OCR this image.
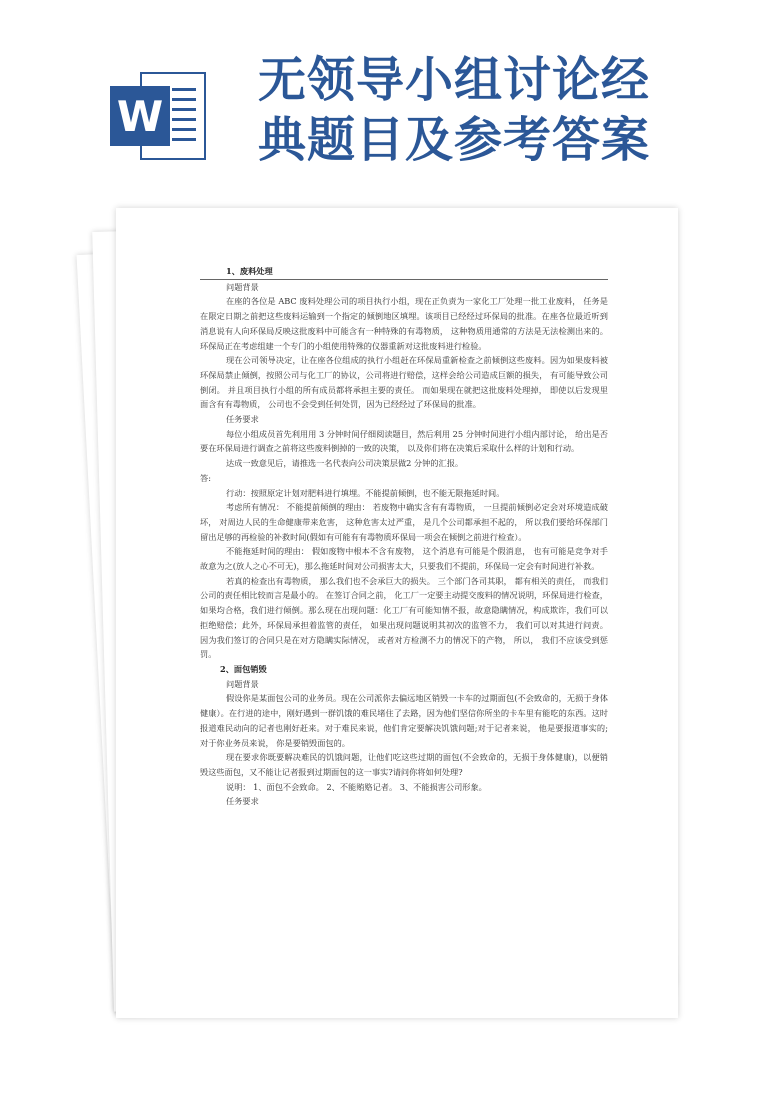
W
无领导小组讨论经
典题目及参考答案

1、废料处理

问题背景

在座的各位是 ABC 废料处理公司的项目执行小组，现在正负责为一家化工厂处理一批工业废料， 任务是在限定日期之前把这些废料运输到一个指定的倾倒地区填埋。该项目已经经过环保局的批准。在座各位最近听到消息说有人向环保局反映这批废料中可能含有一种特殊的有毒物质， 这种物质用通常的方法是无法检测出来的。环保局正在考虑组建一个专门的小组使用特殊的仪器重新对这批废料进行检验。

现在公司领导决定，让在座各位组成的执行小组赶在环保局重新检查之前倾倒这些废料。因为如果废料被环保局禁止倾倒，按照公司与化工厂的协议，公司将进行赔偿，这样会给公司造成巨额的损失， 有可能导致公司倒闭。 并且项目执行小组的所有成员都将承担主要的责任。 而如果现在就把这批废料处理掉， 即使以后发现里面含有有毒物质， 公司也不会受到任何处罚，因为已经经过了环保局的批准。

任务要求

每位小组成员首先利用用 3 分钟时间仔细阅读题目，然后利用 25 分钟时间进行小组内部讨论， 给出是否要在环保局进行调查之前将这些废料倒掉的一致的决策， 以及你们将在决策后采取什么样的计划和行动。

达成一致意见后，请推选一名代表向公司决策层做2 分钟的汇报。

答:

行动：按照原定计划对肥料进行填埋。不能提前倾倒，也不能无限拖延时间。

考虑所有情况： 不能提前倾倒的理由： 若废物中确实含有有毒物质， 一旦提前倾倒必定会对环境造成破坏， 对周边人民的生命健康带来危害， 这种危害太过严重， 是几个公司都承担不起的， 所以我们要给环保部门留出足够的再检验的补救时间(假如有可能有有毒物质环保局一项会在倾倒之前进行检查）。

不能拖延时间的理由： 假如废物中根本不含有废物， 这个消息有可能是个假消息， 也有可能是竞争对手故意为之(放人之心不可无)，那么拖延时间对公司损害太大，只要我们不提前，环保局一定会有时间进行补救。

若真的检查出有毒物质， 那么我们也不会承巨大的损失。 三个部门各司其职， 都有相关的责任， 而我们公司的责任相比较而言是最小的。 在签订合同之前， 化工厂一定要主动提交废料的情况说明，环保局进行检查，如果均合格，我们进行倾倒。那么现在出现问题：化工厂有可能知情不报，故意隐瞒情况，构成欺诈，我们可以拒绝赔偿；此外，环保局承担着监管的责任， 如果出现问题说明其初次的监管不力， 我们可以对其进行问责。 因为我们签订的合同只是在对方隐瞒实际情况， 或者对方检测不力的情况下的产物， 所以， 我们不应该受到惩罚。

2、面包销毁

问题背景

假设你是某面包公司的业务员。现在公司派你去偏远地区销毁一卡车的过期面包(不会致命的，无损于身体健康）。在行进的途中，刚好遇到一群饥饿的难民堵住了去路，因为他们坚信你所坐的卡车里有能吃的东西。这时报道难民动向的记者也刚好赶来。对于难民来说，他们肯定要解决饥饿问题;对于记者来说， 他是要报道事实的;对于你业务员来说， 你是要销毁面包的。

现在要求你既要解决难民的饥饿问题，让他们吃这些过期的面包(不会致命的，无损于身体健康)，以便销毁这些面包，又不能让记者报到过期面包的这一事实?请问你将如何处理?

说明： 1、面包不会致命。 2、不能贿赂记者。 3、不能损害公司形象。

任务要求
